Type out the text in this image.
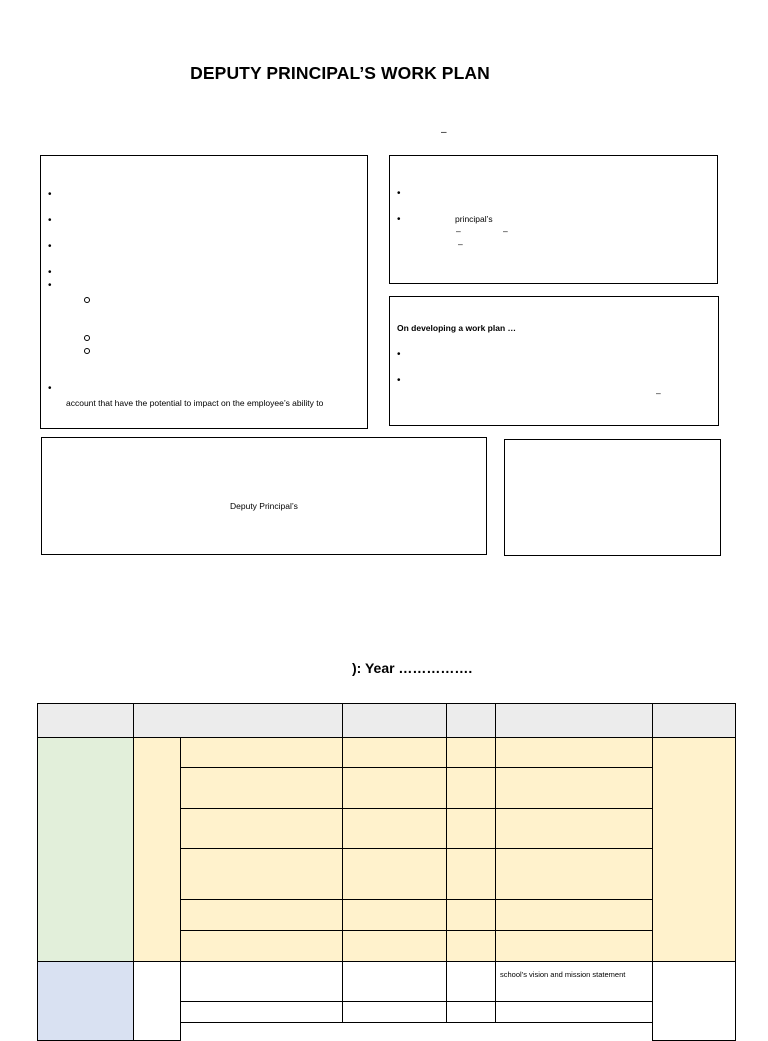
DEPUTY PRINCIPAL’S WORK PLAN
–
•
•
•
•
•
•
account that have the potential to impact on the employee’s ability to
•
•	principal’s
–	–
–
On developing a work plan …
•
•
–
Deputy Principal’s
): Year …………….
school’s vision and mission statement
